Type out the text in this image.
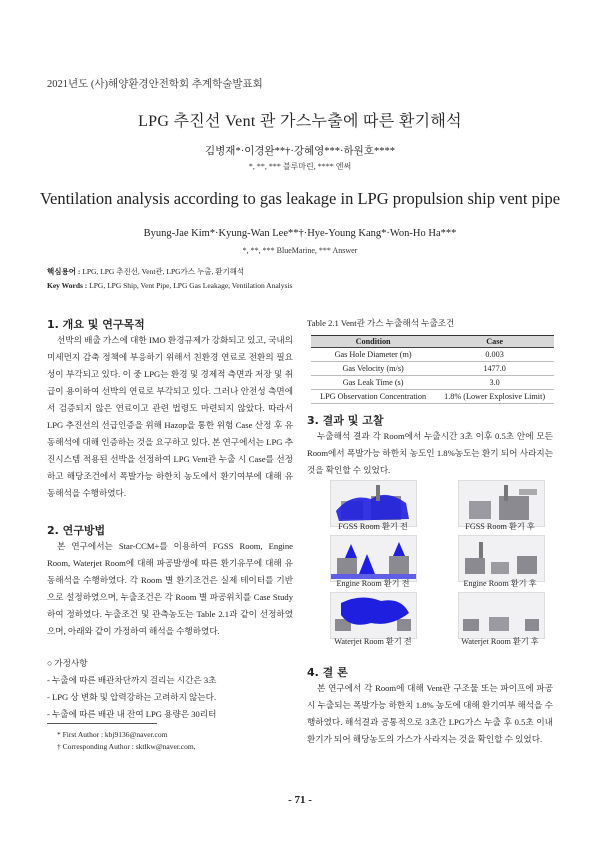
2021년도 (사)해양환경안전학회 추계학술발표회
LPG 추진선 Vent 관 가스누출에 따른 환기해석
김병재*·이경완**†·강혜영***·하원호****
*, **, *** 블루마린, **** 엔써
Ventilation analysis according to gas leakage in LPG propulsion ship vent pipe
Byung-Jae Kim*·Kyung-Wan Lee**†·Hye-Young Kang*·Won-Ho Ha***
*, **, *** BlueMarine, *** Answer
핵심용어 : LPG, LPG 추진선, Vent관, LPG가스 누출, 환기해석
Key Words : LPG, LPG Ship, Vent Pipe, LPG Gas Leakage, Ventilation Analysis
1. 개요 및 연구목적

선박의 배출 가스에 대한 IMO 환경규제가 강화되고 있고, 국내의 미세먼지 감축 정책에 부응하기 위해서 친환경 연료로 전환의 필요성이 부각되고 있다. 이 중 LPG는 환경 및 경제적 측면과 저장 및 취급이 용이하여 선박의 연료로 부각되고 있다. 그러나 안전성 측면에서 검증되지 않은 연료이고 관련 법령도 마련되지 않았다. 따라서 LPG 추진선의 선급인증을 위해 Hazop을 통한 위험 Case 산정 후 유동해석에 대해 인증하는 것을 요구하고 있다. 본 연구에서는 LPG 추진시스템 적용된 선박을 선정하여 LPG Vent관 누출 시 Case를 선정하고 해당조건에서 폭발가능 하한치 농도에서 환기여부에 대해 유동해석을 수행하였다.

2. 연구방법

본 연구에서는 Star-CCM+를 이용하여 FGSS Room, Engine Room, Waterjet Room에 대해 파공발생에 따른 환기유무에 대해 유동해석을 수행하였다. 각 Room 별 환기조건은 실제 테이터를 기반으로 설정하였으며, 누출조건은 각 Room 별 파공위치를 Case Study 하여 정하였다. 누출조건 및 관측농도는 Table 2.1과 같이 선정하였으며, 아래와 같이 가정하여 해석을 수행하였다.

○ 가정사항
- 누출에 따른 배관차단까지 걸리는 시간은 3초
- LPG 상 변화 및 압력강하는 고려하지 않는다.
- 누출에 따른 배관 내 잔여 LPG 용량은 30리터
* First Author : kbj9136@naver.com
† Corresponding Author : sktlkw@naver.com,
Table 2.1 Vent관 가스 누출해석 누출조건
Condition	Case
Gas Hole Diameter (m)	0.003
Gas Velocity (m/s)	1477.0
Gas Leak Time (s)	3.0
LPG Observation Concentration	1.8% (Lower Explosive Limit)
3. 결과 및 고찰

누출해석 결과 각 Room에서 누출시간 3초 이후 0.5초 안에 모든 Room에서 폭발가능 하한치 농도인 1.8%농도는 환기 되어 사라지는 것을 확인할 수 있었다.

FGSS Room 환기 전	FGSS Room 환기 후
Engine Room 환기 전	Engine Room 환기 후
Waterjet Room 환기 전	Waterjet Room 환기 후
4. 결 론

본 연구에서 각 Room에 대해 Vent관 구조물 또는 파이프에 파공 시 누출되는 폭발가능 하한치 1.8% 농도에 대해 환기여부 해석을 수행하였다. 해석결과 공통적으로 3초간 LPG가스 누출 후 0.5초 이내 환기가 되어 해당농도의 가스가 사라지는 것을 확인할 수 있었다.

- 71 -
